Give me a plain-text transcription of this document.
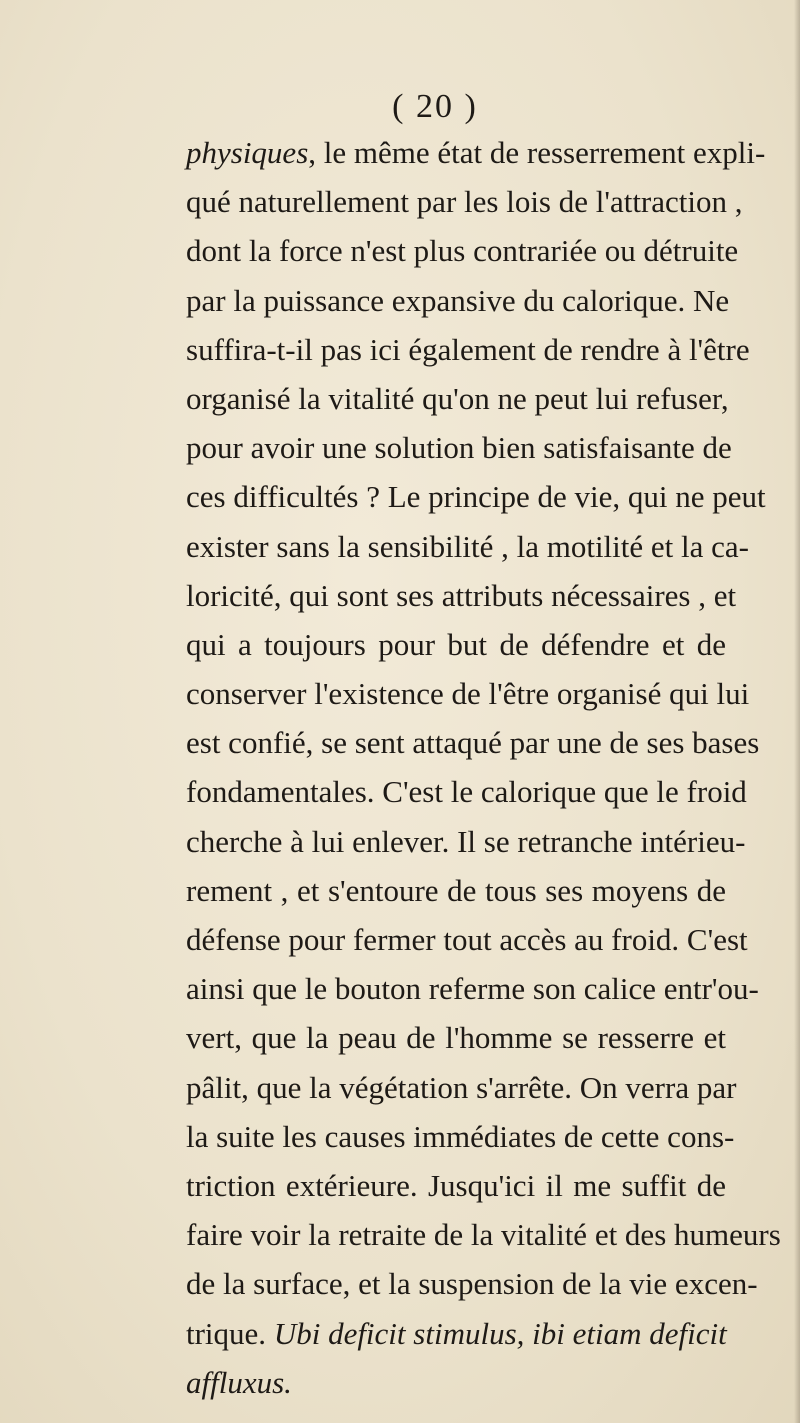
( 20 )
physiques, le même état de resserrement expli-
qué naturellement par les lois de l'attraction ,
dont la force n'est plus contrariée ou détruite
par la puissance expansive du calorique. Ne
suffira-t-il pas ici également de rendre à l'être
organisé la vitalité qu'on ne peut lui refuser,
pour avoir une solution bien satisfaisante de
ces difficultés ? Le principe de vie, qui ne peut
exister sans la sensibilité , la motilité et la ca-
loricité, qui sont ses attributs nécessaires , et
qui a toujours pour but de défendre et de
conserver l'existence de l'être organisé qui lui
est confié, se sent attaqué par une de ses bases
fondamentales. C'est le calorique que le froid
cherche à lui enlever. Il se retranche intérieu-
rement , et s'entoure de tous ses moyens de
défense pour fermer tout accès au froid. C'est
ainsi que le bouton referme son calice entr'ou-
vert, que la peau de l'homme se resserre et
pâlit, que la végétation s'arrête. On verra par
la suite les causes immédiates de cette cons-
triction extérieure. Jusqu'ici il me suffit de
faire voir la retraite de la vitalité et des humeurs
de la surface, et la suspension de la vie excen-
trique. Ubi deficit stimulus, ibi etiam deficit
affluxus.
